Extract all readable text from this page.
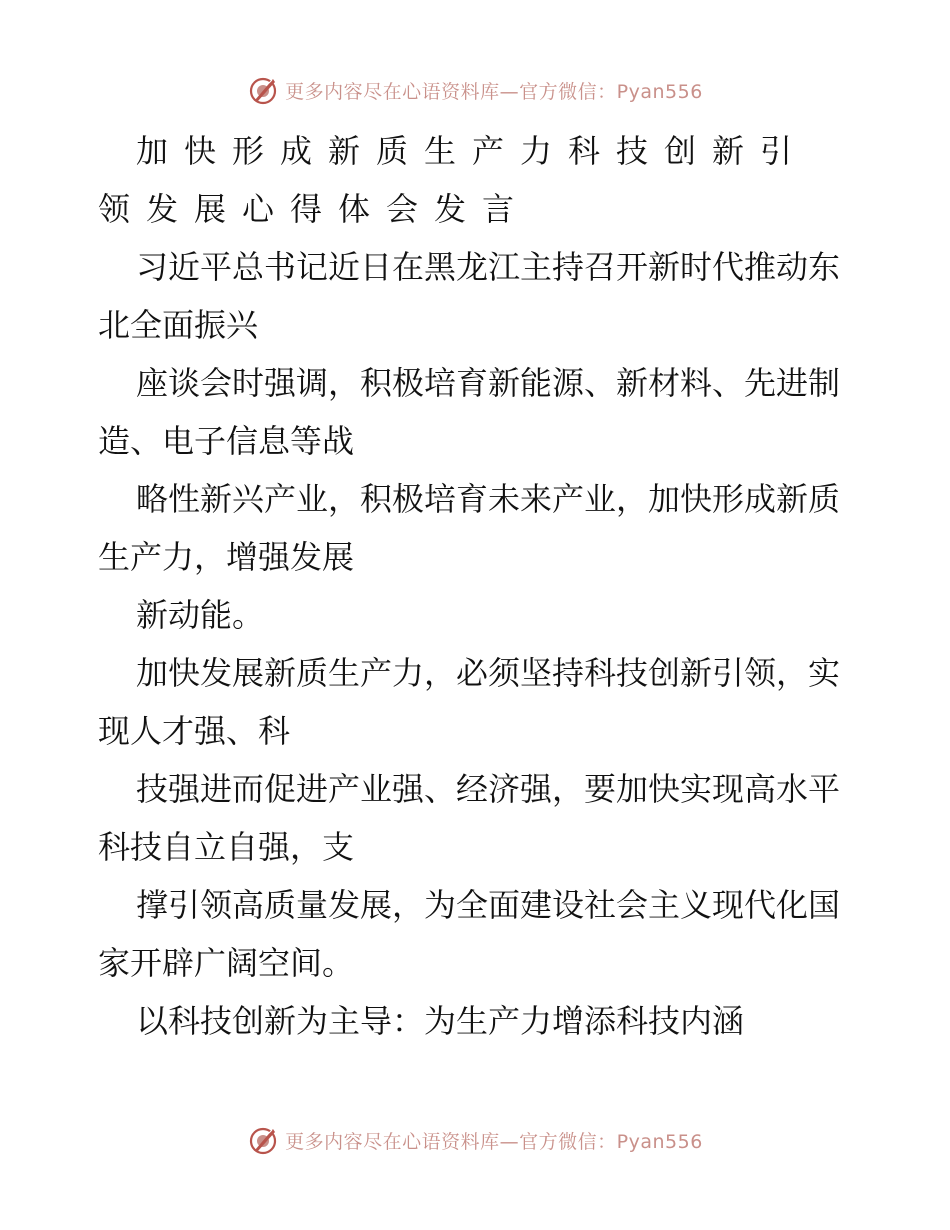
更多内容尽在心语资料库—官方微信：Pyan556

加快形成新质生产力科技创新引领发展心得体会发言

习近平总书记近日在黑龙江主持召开新时代推动东北全面振兴

座谈会时强调，积极培育新能源、新材料、先进制造、电子信息等战

略性新兴产业，积极培育未来产业，加快形成新质生产力，增强发展

新动能。

加快发展新质生产力，必须坚持科技创新引领，实现人才强、科

技强进而促进产业强、经济强，要加快实现高水平科技自立自强，支

撑引领高质量发展，为全面建设社会主义现代化国家开辟广阔空间。

以科技创新为主导：为生产力增添科技内涵

更多内容尽在心语资料库—官方微信：Pyan556
